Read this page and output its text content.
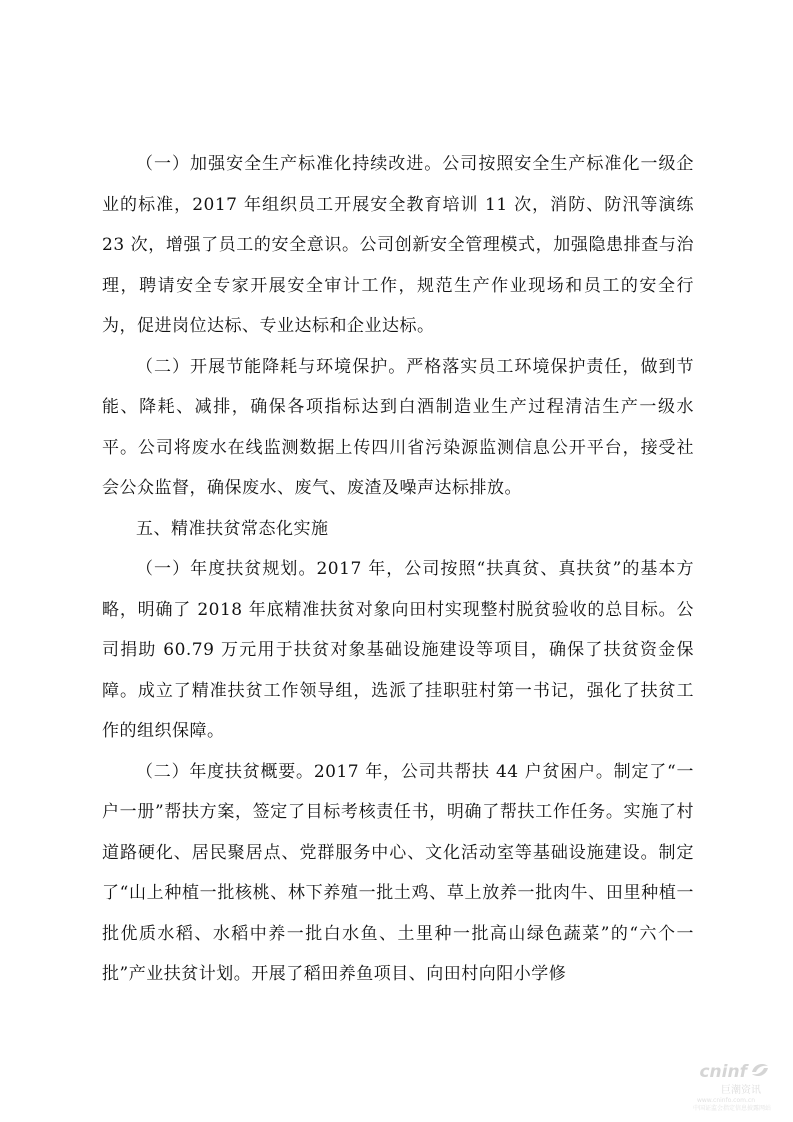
（一）加强安全生产标准化持续改进。公司按照安全生产标准化一级企业的标准，2017 年组织员工开展安全教育培训 11 次，消防、防汛等演练 23 次，增强了员工的安全意识。公司创新安全管理模式，加强隐患排查与治理，聘请安全专家开展安全审计工作，规范生产作业现场和员工的安全行为，促进岗位达标、专业达标和企业达标。

（二）开展节能降耗与环境保护。严格落实员工环境保护责任，做到节能、降耗、减排，确保各项指标达到白酒制造业生产过程清洁生产一级水平。公司将废水在线监测数据上传四川省污染源监测信息公开平台，接受社会公众监督，确保废水、废气、废渣及噪声达标排放。

五、精准扶贫常态化实施

（一）年度扶贫规划。2017 年，公司按照“扶真贫、真扶贫”的基本方略，明确了 2018 年底精准扶贫对象向田村实现整村脱贫验收的总目标。公司捐助 60.79 万元用于扶贫对象基础设施建设等项目，确保了扶贫资金保障。成立了精准扶贫工作领导组，选派了挂职驻村第一书记，强化了扶贫工作的组织保障。

（二）年度扶贫概要。2017 年，公司共帮扶 44 户贫困户。制定了“一户一册”帮扶方案，签定了目标考核责任书，明确了帮扶工作任务。实施了村道路硬化、居民聚居点、党群服务中心、文化活动室等基础设施建设。制定了“山上种植一批核桃、林下养殖一批土鸡、草上放养一批肉牛、田里种植一批优质水稻、水稻中养一批白水鱼、土里种一批高山绿色蔬菜”的“六个一批”产业扶贫计划。开展了稻田养鱼项目、向田村向阳小学修

cninf
巨潮资讯
www.cninfo.com.cn
中国证监会指定信息披露网站
